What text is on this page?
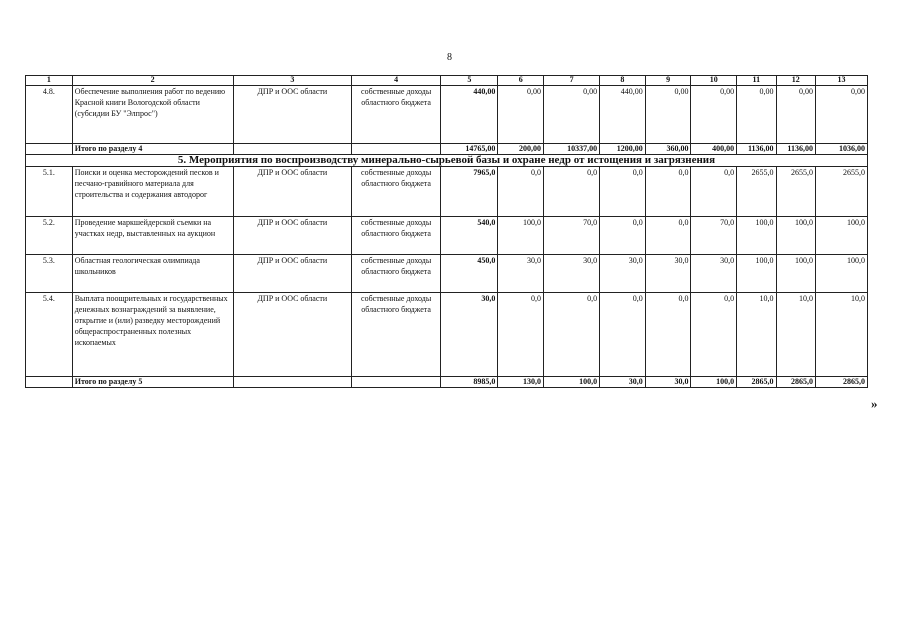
8
1	2	3	4	5	6	7	8	9	10	11	12	13
4.8.	Обеспечение выполнения работ по ведению Красной книги Вологодской области (субсидии БУ "Элпрос")	ДПР и ООС области	собственные доходы областного бюджета	440,00	0,00	0,00	440,00	0,00	0,00	0,00	0,00	0,00
	Итого по разделу 4			14765,00	200,00	10337,00	1200,00	360,00	400,00	1136,00	1136,00	1036,00
5. Мероприятия по воспроизводству минерально-сырьевой базы и охране недр от истощения и загрязнения												
5.1.	Поиски и оценка месторождений песков и песчано-гравийного материала для строительства и содержания автодорог	ДПР и ООС области	собственные доходы областного бюджета	7965,0	0,0	0,0	0,0	0,0	0,0	2655,0	2655,0	2655,0
5.2.	Проведение маркшейдерской съемки на участках недр, выставленных на аукцион	ДПР и ООС области	собственные доходы областного бюджета	540,0	100,0	70,0	0,0	0,0	70,0	100,0	100,0	100,0
5.3.	Областная геологическая олимпиада школьников	ДПР и ООС области	собственные доходы областного бюджета	450,0	30,0	30,0	30,0	30,0	30,0	100,0	100,0	100,0
5.4.	Выплата поощрительных и государственных денежных вознаграждений за выявление, открытие и (или) разведку месторождений общераспространенных полезных ископаемых	ДПР и ООС области	собственные доходы областного бюджета	30,0	0,0	0,0	0,0	0,0	0,0	10,0	10,0	10,0
	Итого по разделу 5			8985,0	130,0	100,0	30,0	30,0	100,0	2865,0	2865,0	2865,0
»
